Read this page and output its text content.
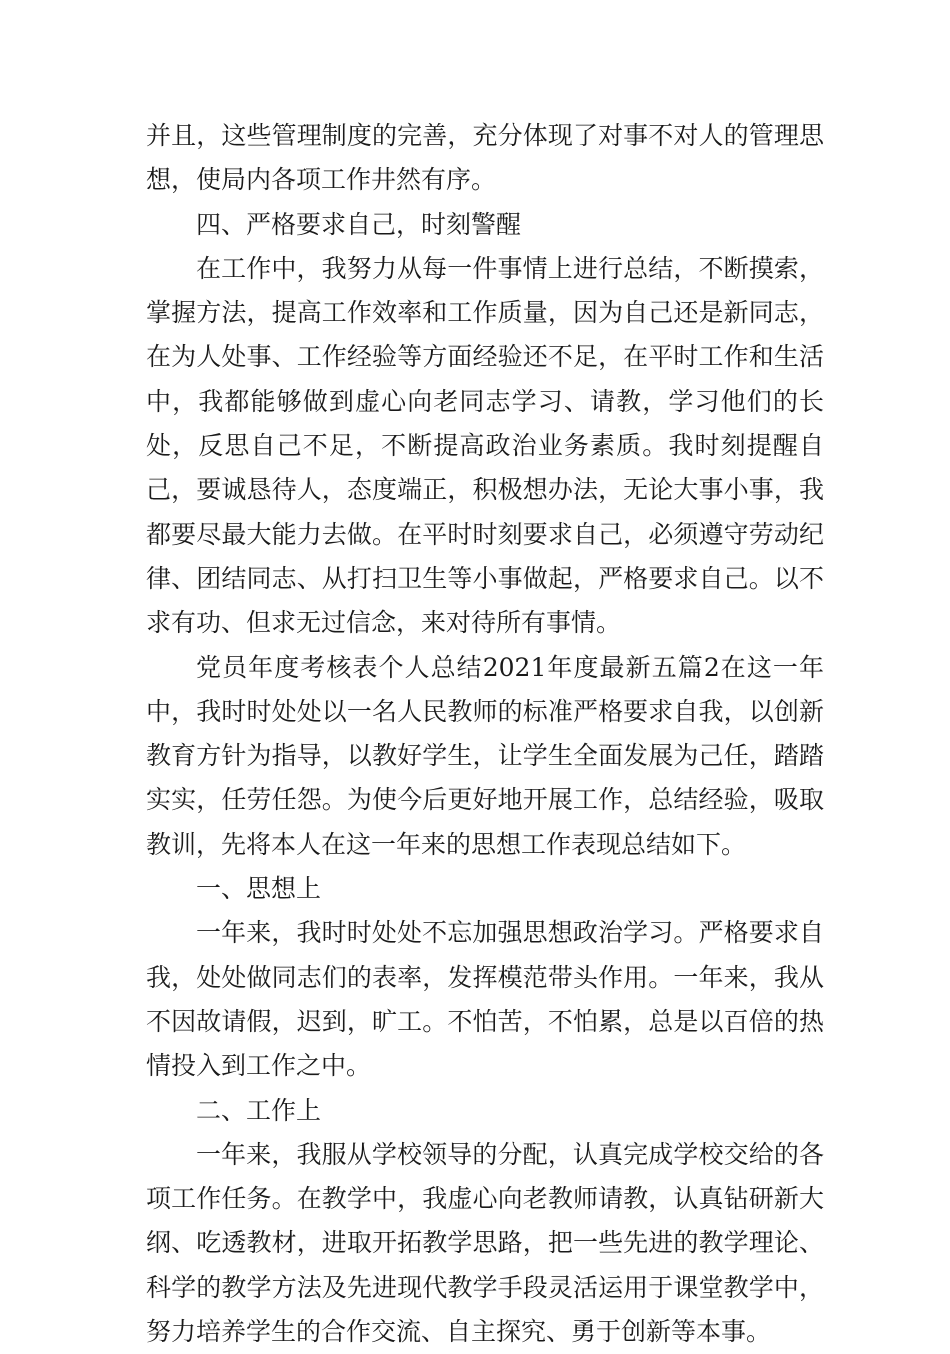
并且，这些管理制度的完善，充分体现了对事不对人的管理思想，使局内各项工作井然有序。

四、严格要求自己，时刻警醒

在工作中，我努力从每一件事情上进行总结，不断摸索，掌握方法，提高工作效率和工作质量，因为自己还是新同志，在为人处事、工作经验等方面经验还不足，在平时工作和生活中，我都能够做到虚心向老同志学习、请教，学习他们的长处，反思自己不足，不断提高政治业务素质。我时刻提醒自己，要诚恳待人，态度端正，积极想办法，无论大事小事，我都要尽最大能力去做。在平时时刻要求自己，必须遵守劳动纪律、团结同志、从打扫卫生等小事做起，严格要求自己。以不求有功、但求无过信念，来对待所有事情。

党员年度考核表个人总结2021年度最新五篇2在这一年中，我时时处处以一名人民教师的标准严格要求自我，以创新教育方针为指导，以教好学生，让学生全面发展为己任，踏踏实实，任劳任怨。为使今后更好地开展工作，总结经验，吸取教训，先将本人在这一年来的思想工作表现总结如下。

一、思想上

一年来，我时时处处不忘加强思想政治学习。严格要求自我，处处做同志们的表率，发挥模范带头作用。一年来，我从不因故请假，迟到，旷工。不怕苦，不怕累，总是以百倍的热情投入到工作之中。

二、工作上

一年来，我服从学校领导的分配，认真完成学校交给的各项工作任务。在教学中，我虚心向老教师请教，认真钻研新大纲、吃透教材，进取开拓教学思路，把一些先进的教学理论、科学的教学方法及先进现代教学手段灵活运用于课堂教学中，努力培养学生的合作交流、自主探究、勇于创新等本事。
